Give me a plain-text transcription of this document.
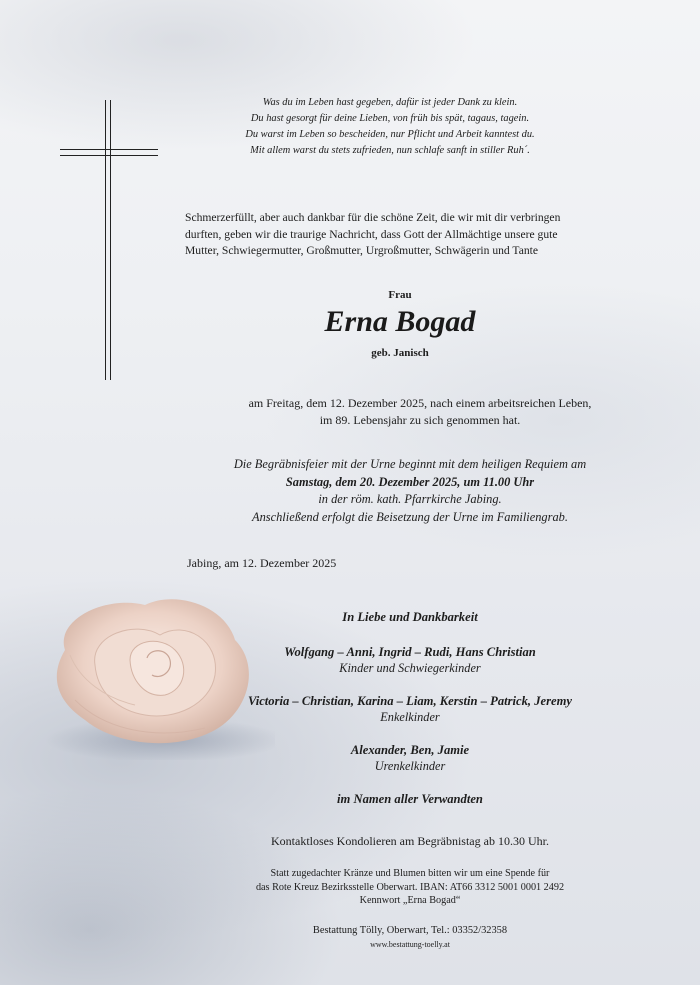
Was du im Leben hast gegeben, dafür ist jeder Dank zu klein.
Du hast gesorgt für deine Lieben, von früh bis spät, tagaus, tagein.
Du warst im Leben so bescheiden, nur Pflicht und Arbeit kanntest du.
Mit allem warst du stets zufrieden, nun schlafe sanft in stiller Ruh´.
Schmerzerfüllt, aber auch dankbar für die schöne Zeit, die wir mit dir verbringen
durften, geben wir die traurige Nachricht, dass Gott der Allmächtige unsere gute
Mutter, Schwiegermutter, Großmutter, Urgroßmutter, Schwägerin und Tante
Frau
Erna Bogad
geb. Janisch
am Freitag, dem 12. Dezember 2025, nach einem arbeitsreichen Leben,
im 89. Lebensjahr zu sich genommen hat.
Die Begräbnisfeier mit der Urne beginnt mit dem heiligen Requiem am
Samstag, dem 20. Dezember 2025, um 11.00 Uhr
in der röm. kath. Pfarrkirche Jabing.
Anschließend erfolgt die Beisetzung der Urne im Familiengrab.
Jabing, am 12. Dezember 2025
In Liebe und Dankbarkeit
Wolfgang – Anni, Ingrid – Rudi, Hans Christian
Kinder und Schwiegerkinder
Victoria – Christian, Karina – Liam, Kerstin – Patrick, Jeremy
Enkelkinder
Alexander, Ben, Jamie
Urenkelkinder
im Namen aller Verwandten
Kontaktloses Kondolieren am Begräbnistag ab 10.30 Uhr.
Statt zugedachter Kränze und Blumen bitten wir um eine Spende für
das Rote Kreuz Bezirksstelle Oberwart. IBAN: AT66 3312 5001 0001 2492
Kennwort „Erna Bogad“
Bestattung Tölly, Oberwart, Tel.: 03352/32358
www.bestattung-toelly.at
